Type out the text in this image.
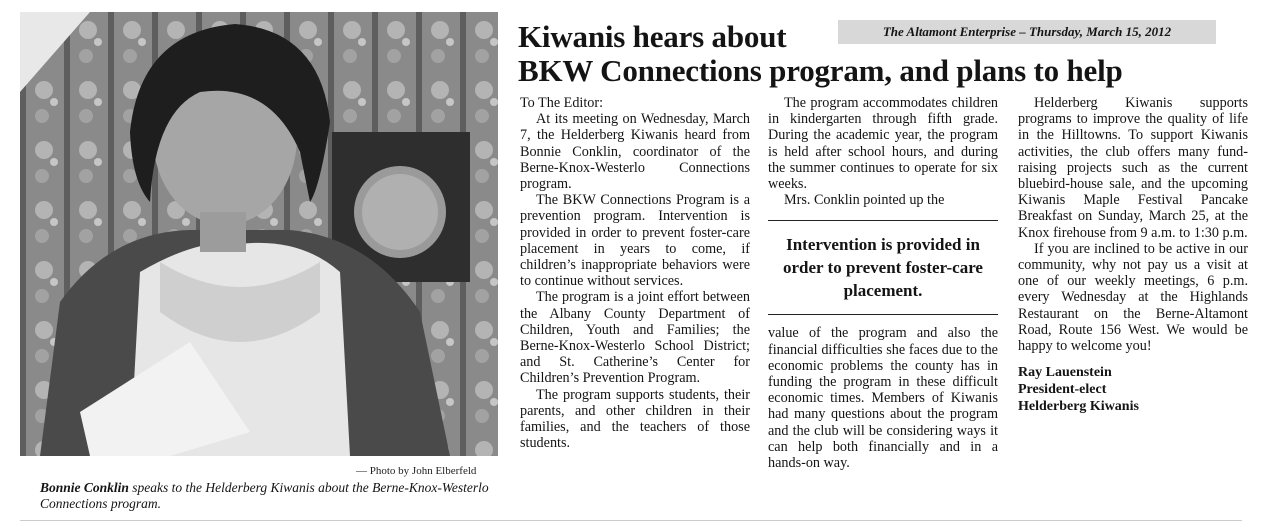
— Photo by John Elberfeld
Bonnie Conklin speaks to the Helderberg Kiwanis about the Berne-Knox-Westerlo Connections program.
The Altamont Enterprise – Thursday, March 15, 2012
Kiwanis hears about
BKW Connections program, and plans to help

To The Editor:

At its meeting on Wednesday, March 7, the Helderberg Kiwanis heard from Bonnie Conklin, coordinator of the Berne-Knox-Westerlo Connections program.

The BKW Connections Program is a prevention program. Intervention is provided in order to prevent foster-care placement in years to come, if children’s inappropriate behaviors were to continue without services.

The program is a joint effort between the Albany County Department of Children, Youth and Families; the Berne-Knox-Westerlo School District; and St. Catherine’s Center for Children’s Prevention Program.

The program supports students, their parents, and other children in their families, and the teachers of those students.

The program accommodates children in kindergarten through fifth grade. During the academic year, the program is held after school hours, and during the summer continues to operate for six weeks.

Mrs. Conklin pointed up the

Intervention is provided in order to prevent foster-care placement.

value of the program and also the financial difficulties she faces due to the economic problems the county has in funding the program in these difficult economic times. Members of Kiwanis had many questions about the program and the club will be considering ways it can help both financially and in a hands-on way.

Helderberg Kiwanis supports programs to improve the quality of life in the Hilltowns. To support Kiwanis activities, the club offers many fund-raising projects such as the current bluebird-house sale, and the upcoming Kiwanis Maple Festival Pancake Breakfast on Sunday, March 25, at the Knox firehouse from 9 a.m. to 1:30 p.m.

If you are inclined to be active in our community, why not pay us a visit at one of our weekly meetings, 6 p.m. every Wednesday at the Highlands Restaurant on the Berne-Altamont Road, Route 156 West. We would be happy to welcome you!

Ray Lauenstein
President-elect
Helderberg Kiwanis
